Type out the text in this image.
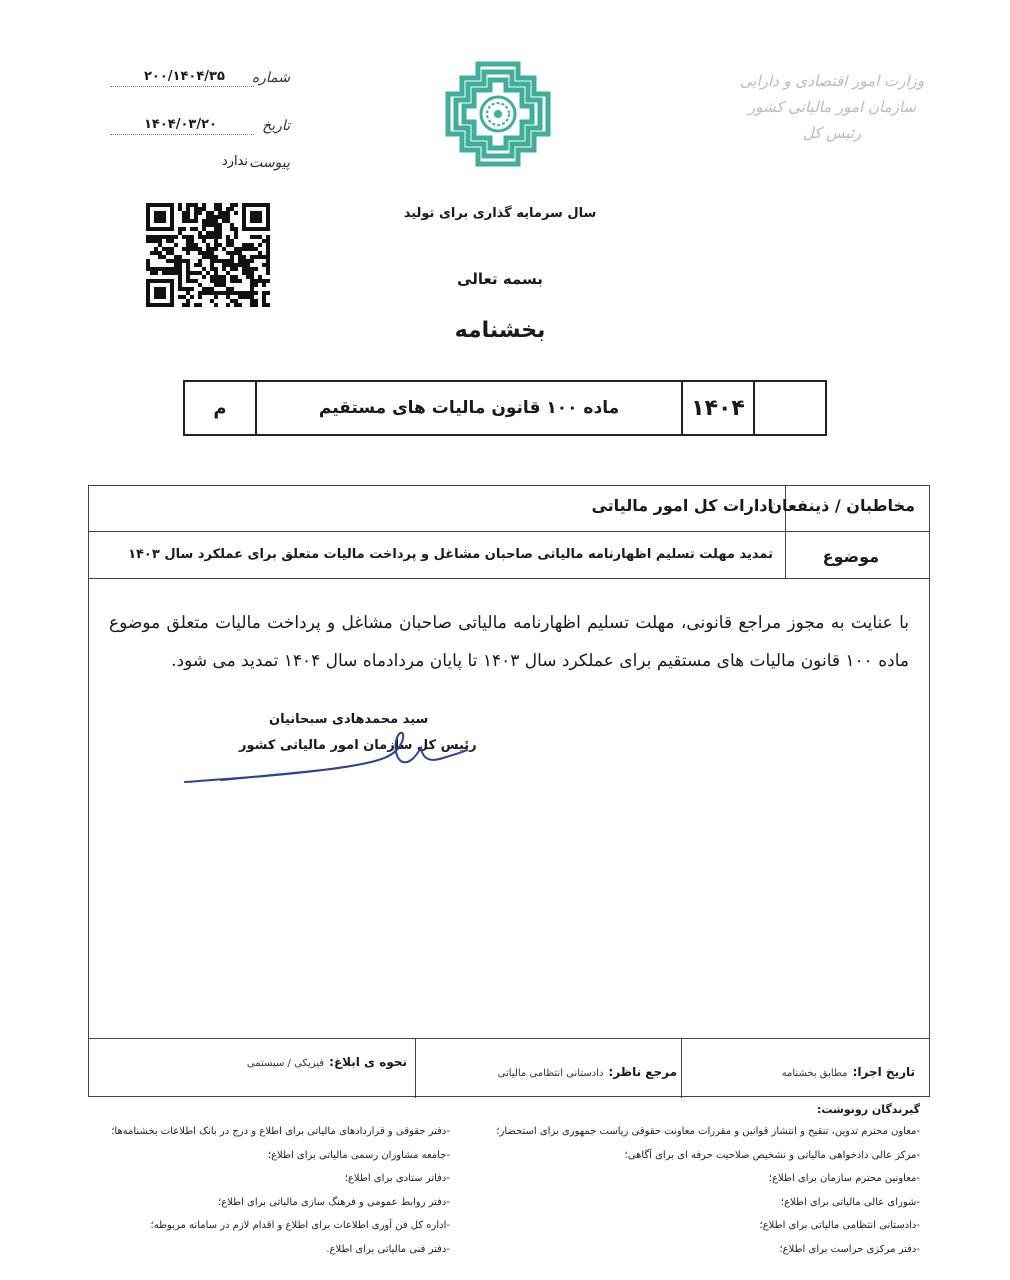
شماره
۲۰۰/۱۴۰۴/۳۵
تاریخ
۱۴۰۴/۰۳/۲۰
پیوست
ندارد
وزارت امور اقتصادی و دارایی
سازمان امور مالیاتی کشور
رئیس کل
سال سرمایه گذاری برای تولید
بسمه تعالی
بخشنامه
۱۴۰۴
ماده ۱۰۰ قانون مالیات های مستقیم
م
مخاطبان / ذینفعان
ادارات کل امور مالیاتی
موضوع
تمدید مهلت تسلیم اظهارنامه مالیاتی صاحبان مشاغل و پرداخت مالیات متعلق برای عملکرد سال ۱۴۰۳
با عنایت به مجوز مراجع قانونی، مهلت تسلیم اظهارنامه مالیاتی صاحبان مشاغل و پرداخت مالیات متعلق موضوع ماده ۱۰۰ قانون مالیات های مستقیم برای عملکرد سال ۱۴۰۳ تا پایان مردادماه سال ۱۴۰۴ تمدید می شود.
سید محمدهادی سبحانیان
رئیس کل سازمان امور مالیاتی کشور
تاریخ اجرا: مطابق بخشنامه
مرجع ناظر: دادستانی انتظامی مالیاتی
نحوه ی ابلاغ: فیزیکی / سیستمی
گیرندگان رونوشت:
-معاون محترم تدوین، تنقیح و انتشار قوانین و مقررات معاونت حقوقی ریاست جمهوری برای استحضار؛
-مرکز عالی دادخواهی مالیاتی و تشخیص صلاحیت حرفه ای برای آگاهی؛
-معاونین محترم سازمان برای اطلاع؛
-شورای عالی مالیاتی برای اطلاع؛
-دادستانی انتظامی مالیاتی برای اطلاع؛
-دفتر مرکزی حراست برای اطلاع؛
-دفتر حقوقی و قراردادهای مالیاتی برای اطلاع و درج در بانک اطلاعات بخشنامه‌ها؛
-جامعه مشاوران رسمی مالیاتی برای اطلاع؛
-دفاتر ستادی برای اطلاع؛
-دفتر روابط عمومی و فرهنگ سازی مالیاتی برای اطلاع؛
-اداره کل فن آوری اطلاعات برای اطلاع و اقدام لازم در سامانه مربوطه؛
-دفتر فنی مالیاتی برای اطلاع.
